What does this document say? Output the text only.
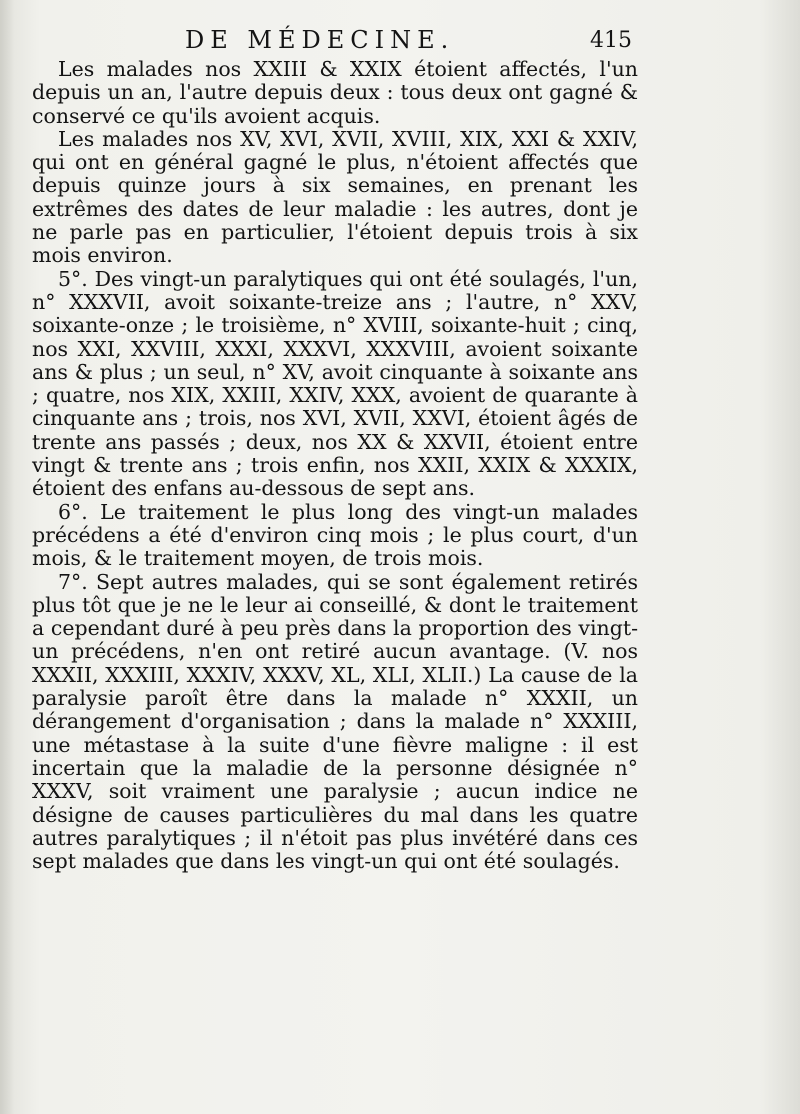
DE MÉDECINE.	415

Les malades nos XXIII & XXIX étoient affectés, l'un depuis un an, l'autre depuis deux : tous deux ont gagné & conservé ce qu'ils avoient acquis.

Les malades nos XV, XVI, XVII, XVIII, XIX, XXI & XXIV, qui ont en général gagné le plus, n'étoient affectés que depuis quinze jours à six semaines, en prenant les extrêmes des dates de leur maladie : les autres, dont je ne parle pas en particulier, l'étoient depuis trois à six mois environ.

5°. Des vingt-un paralytiques qui ont été soulagés, l'un, n° XXXVII, avoit soixante-treize ans ; l'autre, n° XXV, soixante-onze ; le troisième, n° XVIII, soixante-huit ; cinq, nos XXI, XXVIII, XXXI, XXXVI, XXXVIII, avoient soixante ans & plus ; un seul, n° XV, avoit cinquante à soixante ans ; quatre, nos XIX, XXIII, XXIV, XXX, avoient de quarante à cinquante ans ; trois, nos XVI, XVII, XXVI, étoient âgés de trente ans passés ; deux, nos XX & XXVII, étoient entre vingt & trente ans ; trois enfin, nos XXII, XXIX & XXXIX, étoient des enfans au-dessous de sept ans.

6°. Le traitement le plus long des vingt-un malades précédens a été d'environ cinq mois ; le plus court, d'un mois, & le traitement moyen, de trois mois.

7°. Sept autres malades, qui se sont également retirés plus tôt que je ne le leur ai conseillé, & dont le traitement a cependant duré à peu près dans la proportion des vingt-un précédens, n'en ont retiré aucun avantage. (V. nos XXXII, XXXIII, XXXIV, XXXV, XL, XLI, XLII.) La cause de la paralysie paroît être dans la malade n° XXXII, un dérangement d'organisation ; dans la malade n° XXXIII, une métastase à la suite d'une fièvre maligne : il est incertain que la maladie de la personne désignée n° XXXV, soit vraiment une paralysie ; aucun indice ne désigne de causes particulières du mal dans les quatre autres paralytiques ; il n'étoit pas plus invétéré dans ces sept malades que dans les vingt-un qui ont été soulagés.
